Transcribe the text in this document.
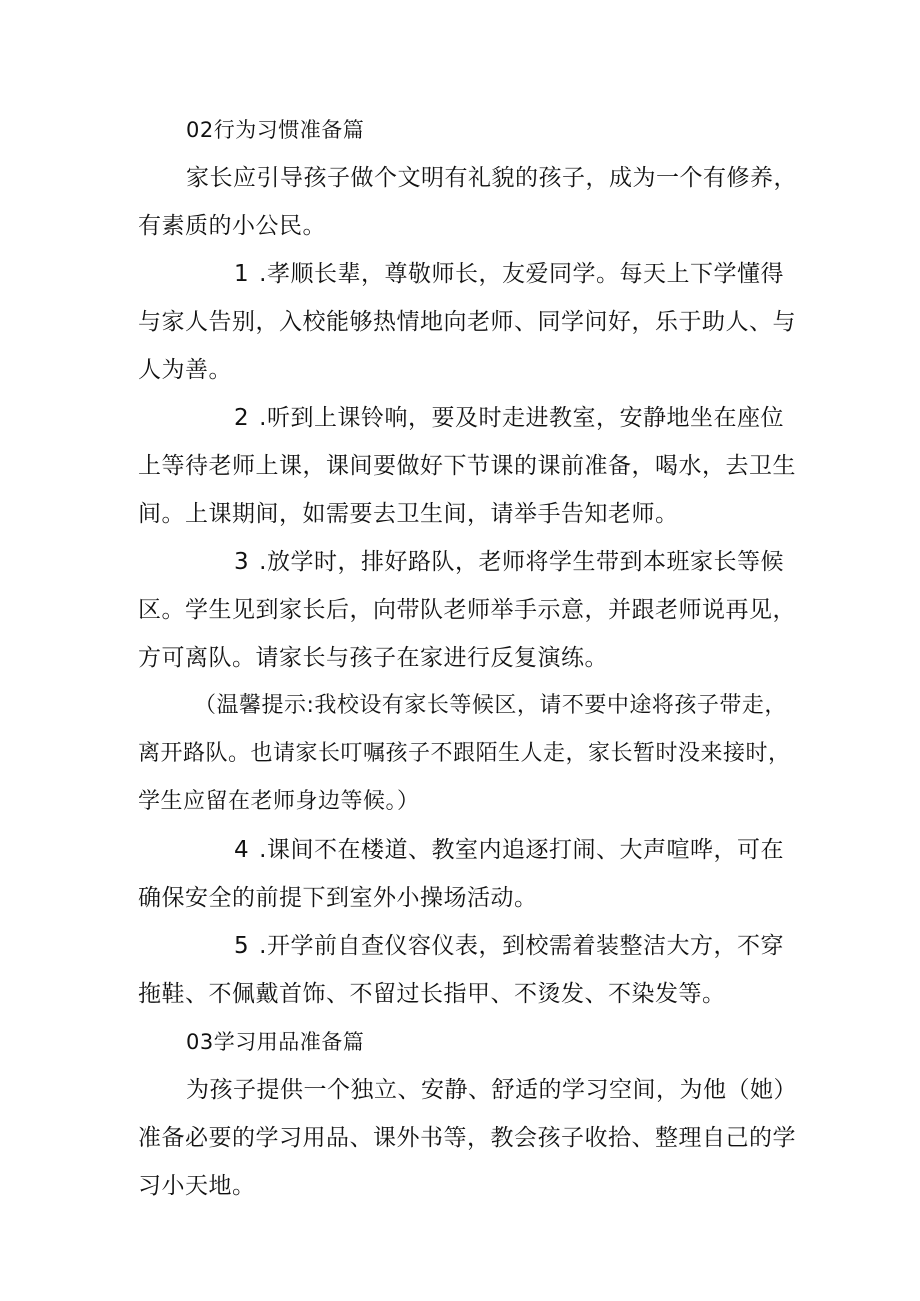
02行为习惯准备篇

家长应引导孩子做个文明有礼貌的孩子，成为一个有修养，有素质的小公民。

1 .孝顺长辈，尊敬师长，友爱同学。每天上下学懂得与家人告别，入校能够热情地向老师、同学问好，乐于助人、与人为善。

2 .听到上课铃响，要及时走进教室，安静地坐在座位上等待老师上课，课间要做好下节课的课前准备，喝水，去卫生间。上课期间，如需要去卫生间，请举手告知老师。

3 .放学时，排好路队，老师将学生带到本班家长等候区。学生见到家长后，向带队老师举手示意，并跟老师说再见，方可离队。请家长与孩子在家进行反复演练。

（温馨提示:我校设有家长等候区，请不要中途将孩子带走，离开路队。也请家长叮嘱孩子不跟陌生人走，家长暂时没来接时，学生应留在老师身边等候。）

4 .课间不在楼道、教室内追逐打闹、大声喧哗，可在确保安全的前提下到室外小操场活动。

5 .开学前自查仪容仪表，到校需着装整洁大方，不穿拖鞋、不佩戴首饰、不留过长指甲、不烫发、不染发等。

03学习用品准备篇

为孩子提供一个独立、安静、舒适的学习空间，为他（她）准备必要的学习用品、课外书等，教会孩子收拾、整理自己的学习小天地。
